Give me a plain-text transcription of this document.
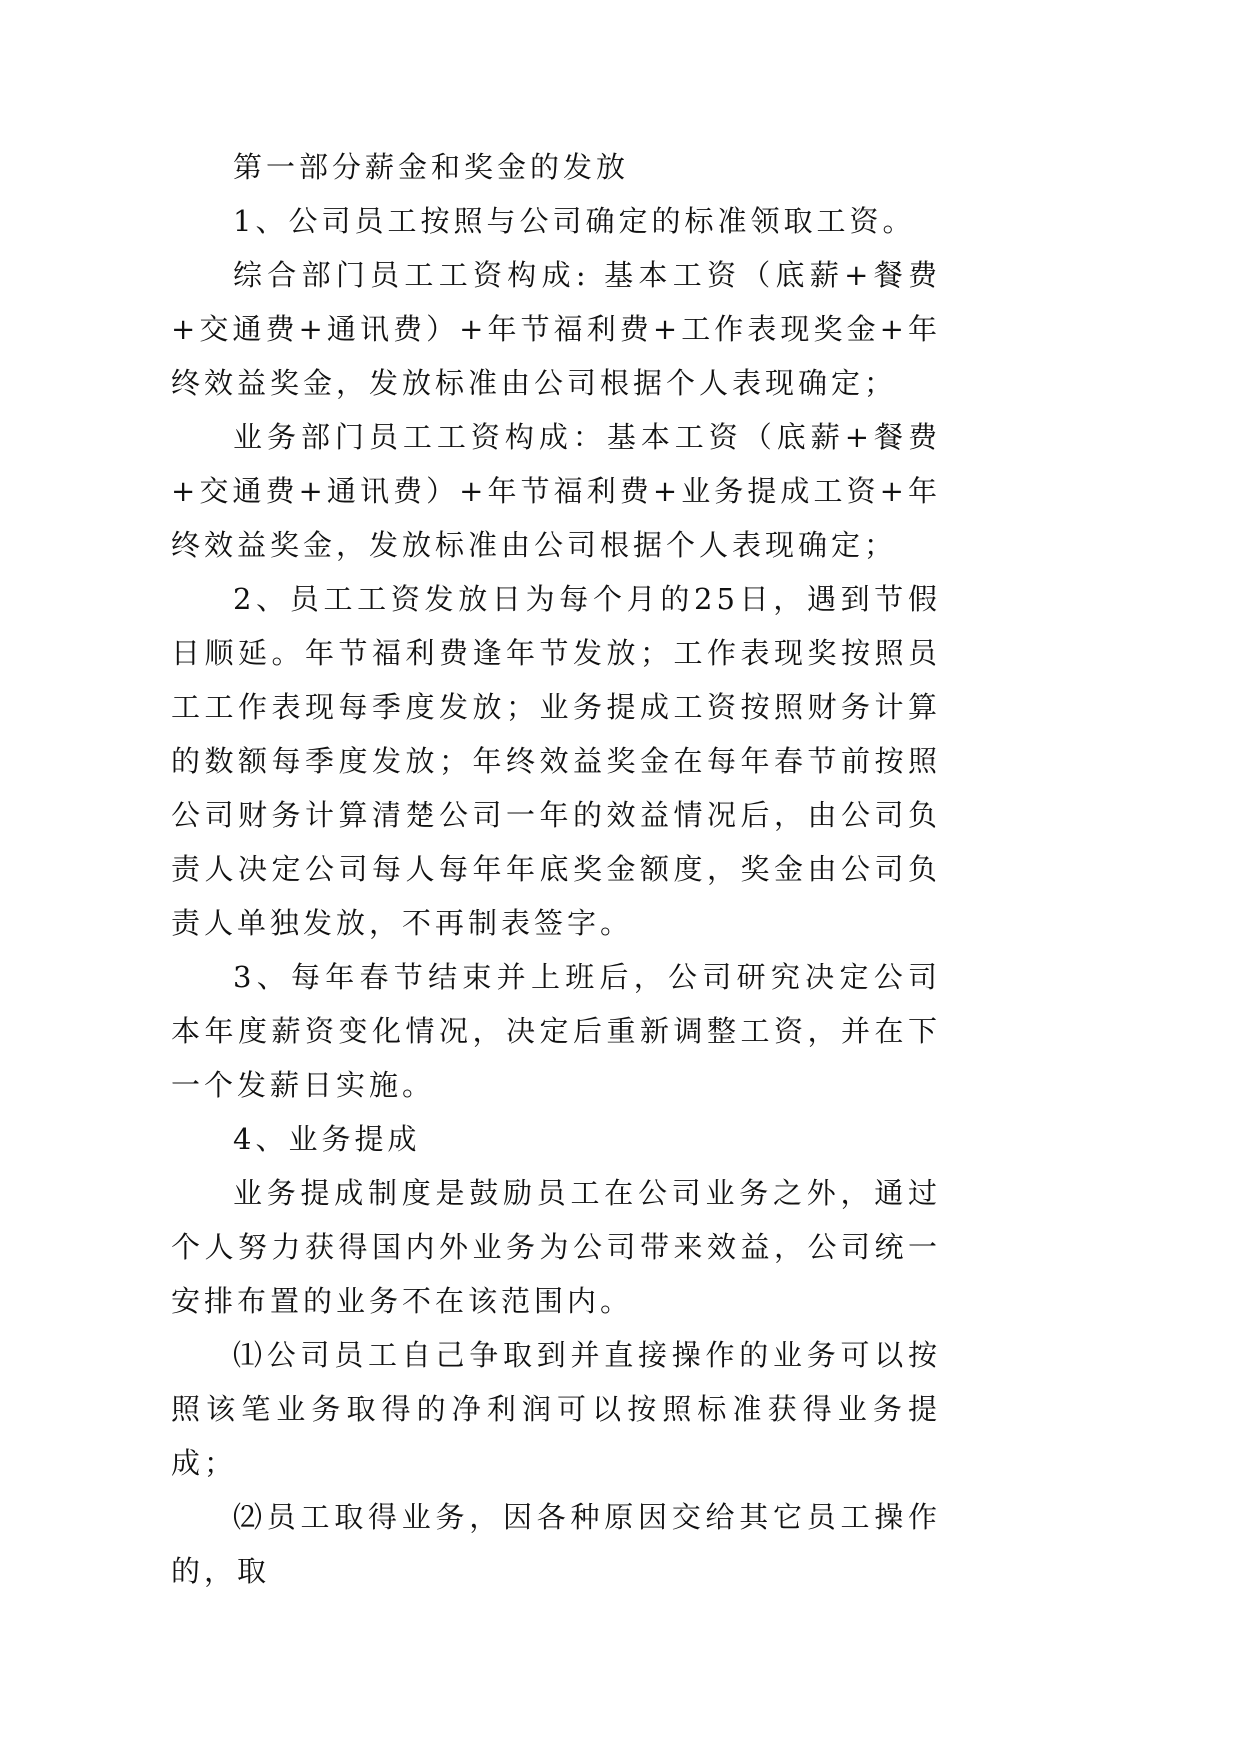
第一部分薪金和奖金的发放

1、公司员工按照与公司确定的标准领取工资。

综合部门员工工资构成: 基本工资（底薪+餐费+交通费+通讯费）+年节福利费+工作表现奖金+年终效益奖金，发放标准由公司根据个人表现确定；

业务部门员工工资构成：基本工资（底薪+餐费+交通费+通讯费）+年节福利费+业务提成工资+年终效益奖金，发放标准由公司根据个人表现确定；

2、员工工资发放日为每个月的25日，遇到节假日顺延。年节福利费逢年节发放；工作表现奖按照员工工作表现每季度发放；业务提成工资按照财务计算的数额每季度发放；年终效益奖金在每年春节前按照公司财务计算清楚公司一年的效益情况后，由公司负责人决定公司每人每年年底奖金额度，奖金由公司负责人单独发放，不再制表签字。

3、每年春节结束并上班后，公司研究决定公司本年度薪资变化情况，决定后重新调整工资，并在下一个发薪日实施。

4、业务提成

业务提成制度是鼓励员工在公司业务之外，通过个人努力获得国内外业务为公司带来效益，公司统一安排布置的业务不在该范围内。

⑴公司员工自己争取到并直接操作的业务可以按照该笔业务取得的净利润可以按照标准获得业务提成；

⑵员工取得业务，因各种原因交给其它员工操作的，取
